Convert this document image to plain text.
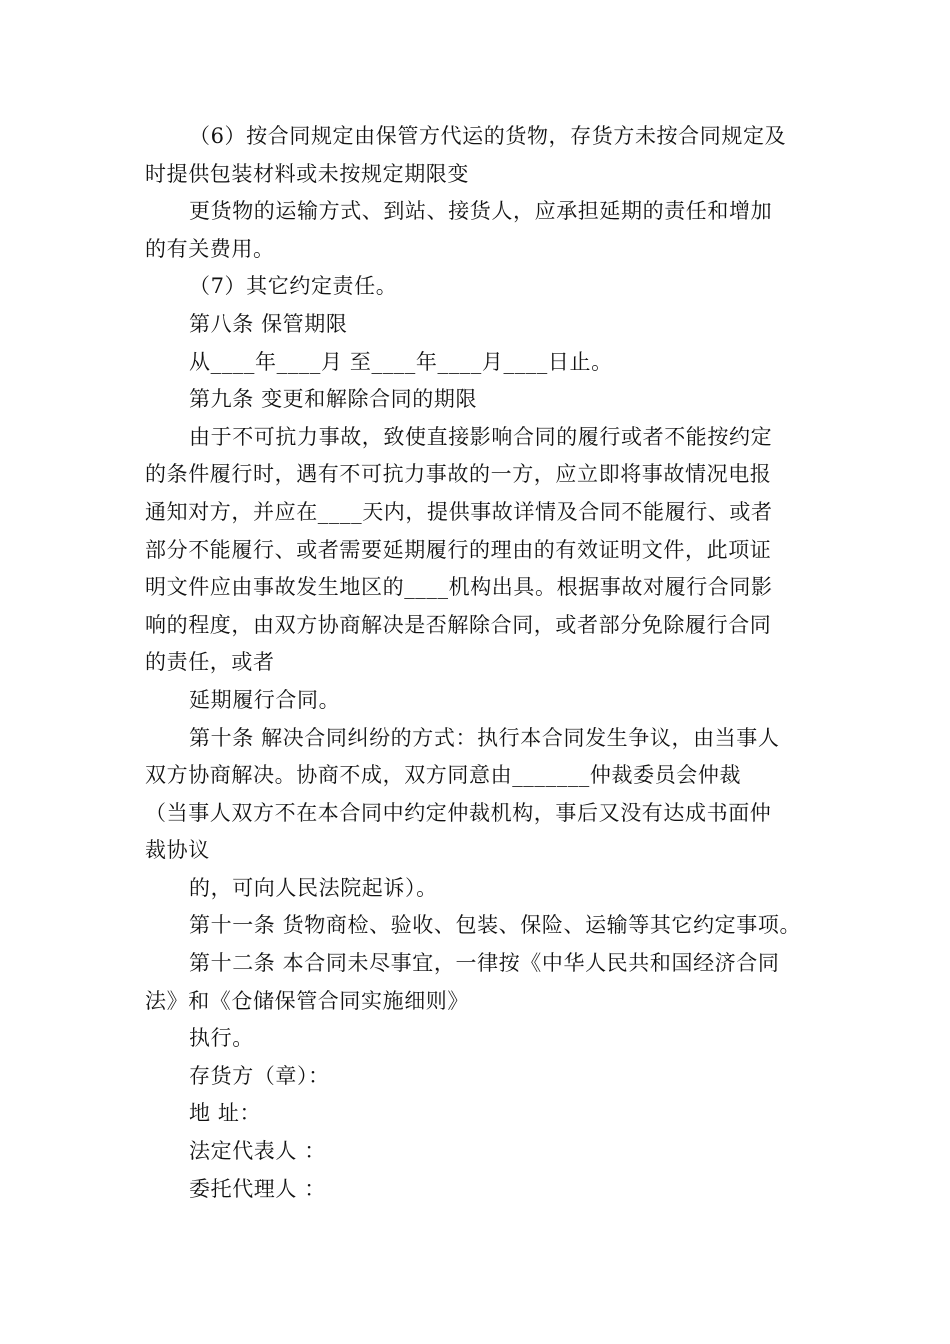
（6）按合同规定由保管方代运的货物，存货方未按合同规定及
时提供包装材料或未按规定期限变
更货物的运输方式、到站、接货人，应承担延期的责任和增加
的有关费用。
（7）其它约定责任。
第八条 保管期限
从____年____月 至____年____月____日止。
第九条 变更和解除合同的期限
由于不可抗力事故，致使直接影响合同的履行或者不能按约定
的条件履行时，遇有不可抗力事故的一方，应立即将事故情况电报
通知对方，并应在____天内，提供事故详情及合同不能履行、或者
部分不能履行、或者需要延期履行的理由的有效证明文件，此项证
明文件应由事故发生地区的____机构出具。根据事故对履行合同影
响的程度，由双方协商解决是否解除合同，或者部分免除履行合同
的责任，或者
延期履行合同。
第十条 解决合同纠纷的方式：执行本合同发生争议，由当事人
双方协商解决。协商不成，双方同意由_______仲裁委员会仲裁
（当事人双方不在本合同中约定仲裁机构，事后又没有达成书面仲
裁协议
的，可向人民法院起诉）。
第十一条 货物商检、验收、包装、保险、运输等其它约定事项。
第十二条 本合同未尽事宜，一律按《中华人民共和国经济合同
法》和《仓储保管合同实施细则》
执行。
存货方（章）：
地 址：
法定代表人 ：
委托代理人 ：
